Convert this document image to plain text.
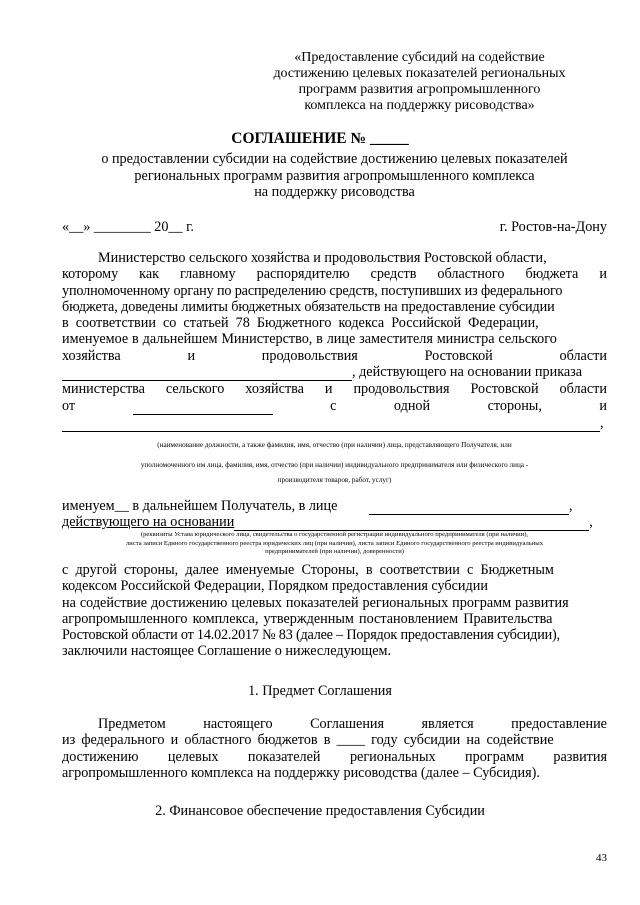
«Предоставление субсидий на содействие
достижению целевых показателей региональных
программ развития агропромышленного
комплекса на поддержку рисоводства»
СОГЛАШЕНИЕ № _____
о предоставлении субсидии на содействие достижению целевых показателей
региональных программ развития агропромышленного комплекса
на поддержку рисоводства
«__» ________ 20__ г.	г. Ростов-на-Дону
Министерство сельского хозяйства и продовольствия Ростовской области,
которому как главному распорядителю средств областного бюджета и
уполномоченному органу по распределению средств, поступивших из федерального
бюджета, доведены лимиты бюджетных обязательств на предоставление субсидии
в соответствии со статьей 78 Бюджетного кодекса Российской Федерации,
именуемое в дальнейшем Министерство, в лице заместителя министра сельского
хозяйства	и	продовольствия	Ростовской	области
, действующего на основании приказа
министерства сельского хозяйства и продовольствия Ростовской области
от
	с	одной	стороны,	и
,
(наименование должности, а также фамилия, имя, отчество (при наличии) лица, представляющего Получателя, или
уполномоченного им лица, фамилия, имя, отчество (при наличии) индивидуального предпринимателя или физического лица -
производителя товаров, работ, услуг)
именуем__ в дальнейшем Получатель, в лице	,
действующего на основании	,
(реквизиты Устава юридического лица, свидетельства о государственной регистрации индивидуального предпринимателя (при наличии),
листа записи Единого государственного реестра юридических лиц (при наличии), листа записи Единого государственного реестра индивидуальных
предпринимателей (при наличии), доверенности)
с другой стороны, далее именуемые Стороны, в соответствии с Бюджетным
кодексом Российской Федерации, Порядком предоставления субсидии
на содействие достижению целевых показателей региональных программ развития
агропромышленного комплекса, утвержденным постановлением Правительства
Ростовской области от 14.02.2017 № 83 (далее – Порядок предоставления субсидии),
заключили настоящее Соглашение о нижеследующем.
1. Предмет Соглашения
Предметом	настоящего	Соглашения	является	предоставление
из федерального и областного бюджетов в ____ году субсидии на содействие
достижению целевых показателей региональных программ развития
агропромышленного комплекса на поддержку рисоводства (далее – Субсидия).
2. Финансовое обеспечение предоставления Субсидии
43
